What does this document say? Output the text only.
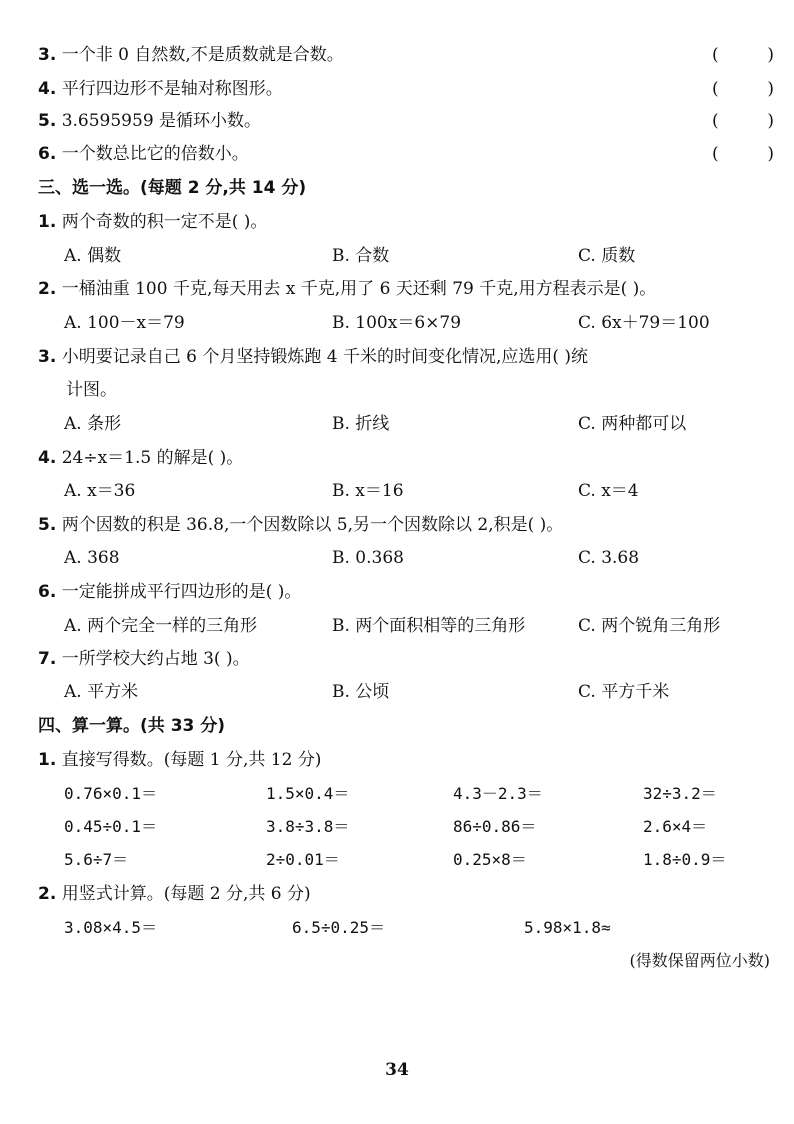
3. 一个非 0 自然数,不是质数就是合数。	(	)
4. 平行四边形不是轴对称图形。	(	)
5. 3.6595959 是循环小数。	(	)
6. 一个数总比它的倍数小。	(	)
三、选一选。(每题 2 分,共 14 分)
1. 两个奇数的积一定不是( )。
A. 偶数	B. 合数	C. 质数
2. 一桶油重 100 千克,每天用去 x 千克,用了 6 天还剩 79 千克,用方程表示是( )。
A. 100－x＝79	B. 100x＝6×79	C. 6x＋79＝100
3. 小明要记录自己 6 个月坚持锻炼跑 4 千米的时间变化情况,应选用( )统
计图。
A. 条形	B. 折线	C. 两种都可以
4. 24÷x＝1.5 的解是( )。
A. x＝36	B. x＝16	C. x＝4
5. 两个因数的积是 36.8,一个因数除以 5,另一个因数除以 2,积是( )。
A. 368	B. 0.368	C. 3.68
6. 一定能拼成平行四边形的是( )。
A. 两个完全一样的三角形	B. 两个面积相等的三角形	C. 两个锐角三角形
7. 一所学校大约占地 3( )。
A. 平方米	B. 公顷	C. 平方千米
四、算一算。(共 33 分)
1. 直接写得数。(每题 1 分,共 12 分)
0.76×0.1＝	1.5×0.4＝	4.3－2.3＝	32÷3.2＝
0.45÷0.1＝	3.8÷3.8＝	86÷0.86＝	2.6×4＝
5.6÷7＝	2÷0.01＝	0.25×8＝	1.8÷0.9＝
2. 用竖式计算。(每题 2 分,共 6 分)
3.08×4.5＝	6.5÷0.25＝	5.98×1.8≈
(得数保留两位小数)
34
